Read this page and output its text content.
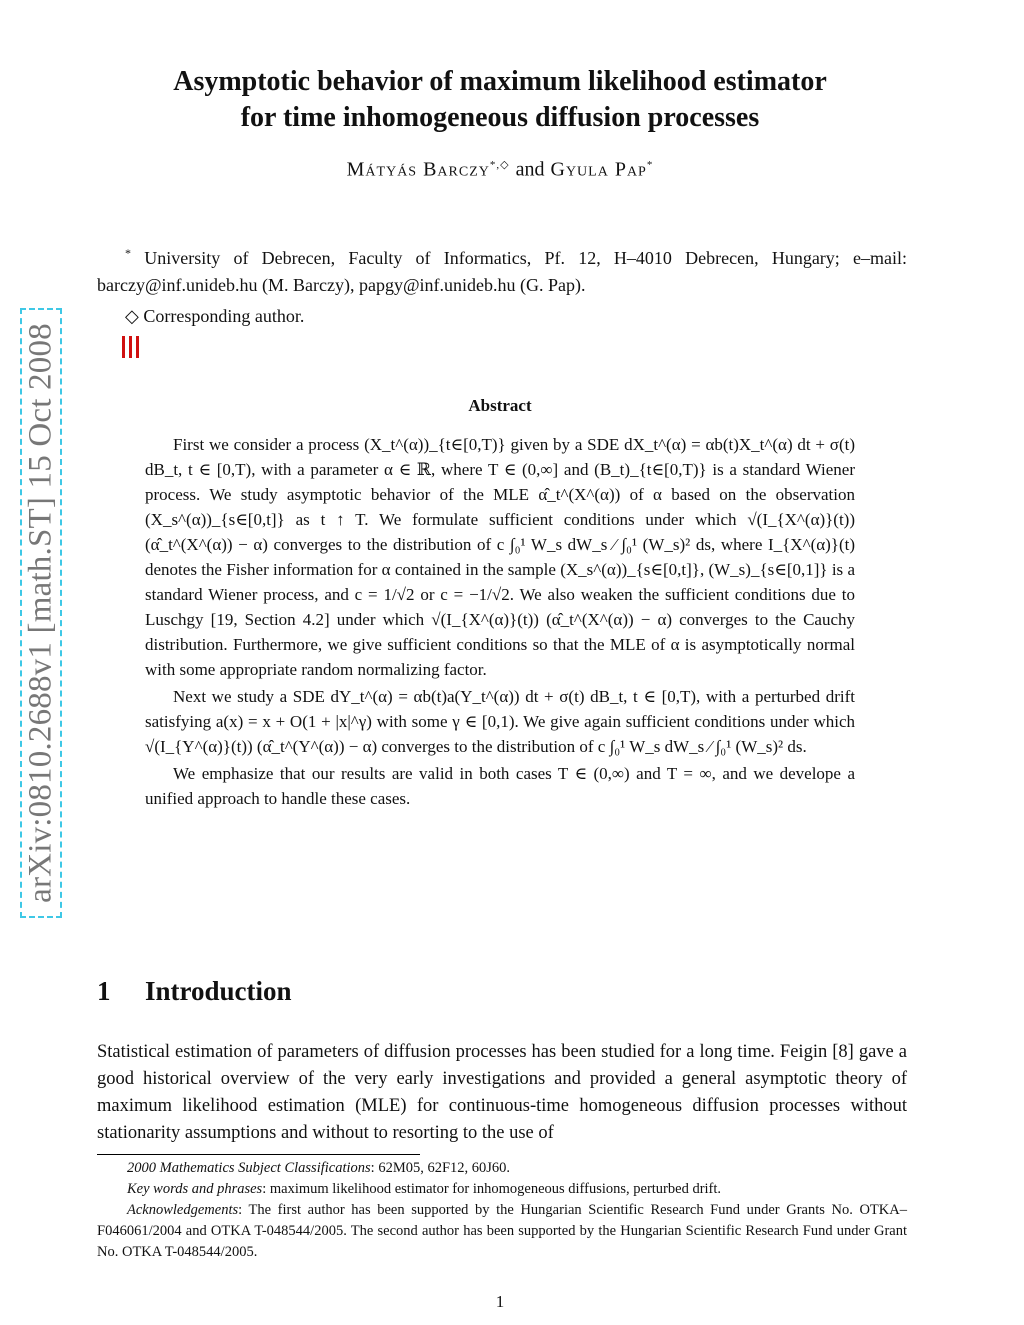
arXiv:0810.2688v1 [math.ST] 15 Oct 2008
Asymptotic behavior of maximum likelihood estimator
for time inhomogeneous diffusion processes
Mátyás Barczy*,◇ and Gyula Pap*
* University of Debrecen, Faculty of Informatics, Pf. 12, H–4010 Debrecen, Hungary; e–mail: barczy@inf.unideb.hu (M. Barczy), papgy@inf.unideb.hu (G. Pap).
◇ Corresponding author.
Abstract

First we consider a process (X_t^(α))_{t∈[0,T)} given by a SDE dX_t^(α) = αb(t)X_t^(α) dt + σ(t) dB_t, t ∈ [0,T), with a parameter α ∈ ℝ, where T ∈ (0,∞] and (B_t)_{t∈[0,T)} is a standard Wiener process. We study asymptotic behavior of the MLE α̂_t^(X^(α)) of α based on the observation (X_s^(α))_{s∈[0,t]} as t ↑ T. We formulate sufficient conditions under which √(I_{X^(α)}(t)) (α̂_t^(X^(α)) − α) converges to the distribution of c ∫₀¹ W_s dW_s ⁄ ∫₀¹ (W_s)² ds, where I_{X^(α)}(t) denotes the Fisher information for α contained in the sample (X_s^(α))_{s∈[0,t]}, (W_s)_{s∈[0,1]} is a standard Wiener process, and c = 1/√2 or c = −1/√2. We also weaken the sufficient conditions due to Luschgy [19, Section 4.2] under which √(I_{X^(α)}(t)) (α̂_t^(X^(α)) − α) converges to the Cauchy distribution. Furthermore, we give sufficient conditions so that the MLE of α is asymptotically normal with some appropriate random normalizing factor.

Next we study a SDE dY_t^(α) = αb(t)a(Y_t^(α)) dt + σ(t) dB_t, t ∈ [0,T), with a perturbed drift satisfying a(x) = x + O(1 + |x|^γ) with some γ ∈ [0,1). We give again sufficient conditions under which √(I_{Y^(α)}(t)) (α̂_t^(Y^(α)) − α) converges to the distribution of c ∫₀¹ W_s dW_s ⁄ ∫₀¹ (W_s)² ds.

We emphasize that our results are valid in both cases T ∈ (0,∞) and T = ∞, and we develope a unified approach to handle these cases.

1 Introduction
Statistical estimation of parameters of diffusion processes has been studied for a long time. Feigin [8] gave a good historical overview of the very early investigations and provided a general asymptotic theory of maximum likelihood estimation (MLE) for continuous-time homogeneous diffusion processes without stationarity assumptions and without to resorting to the use of

2000 Mathematics Subject Classifications: 62M05, 62F12, 60J60.

Key words and phrases: maximum likelihood estimator for inhomogeneous diffusions, perturbed drift.

Acknowledgements: The first author has been supported by the Hungarian Scientific Research Fund under Grants No. OTKA–F046061/2004 and OTKA T-048544/2005. The second author has been supported by the Hungarian Scientific Research Fund under Grant No. OTKA T-048544/2005.

1
